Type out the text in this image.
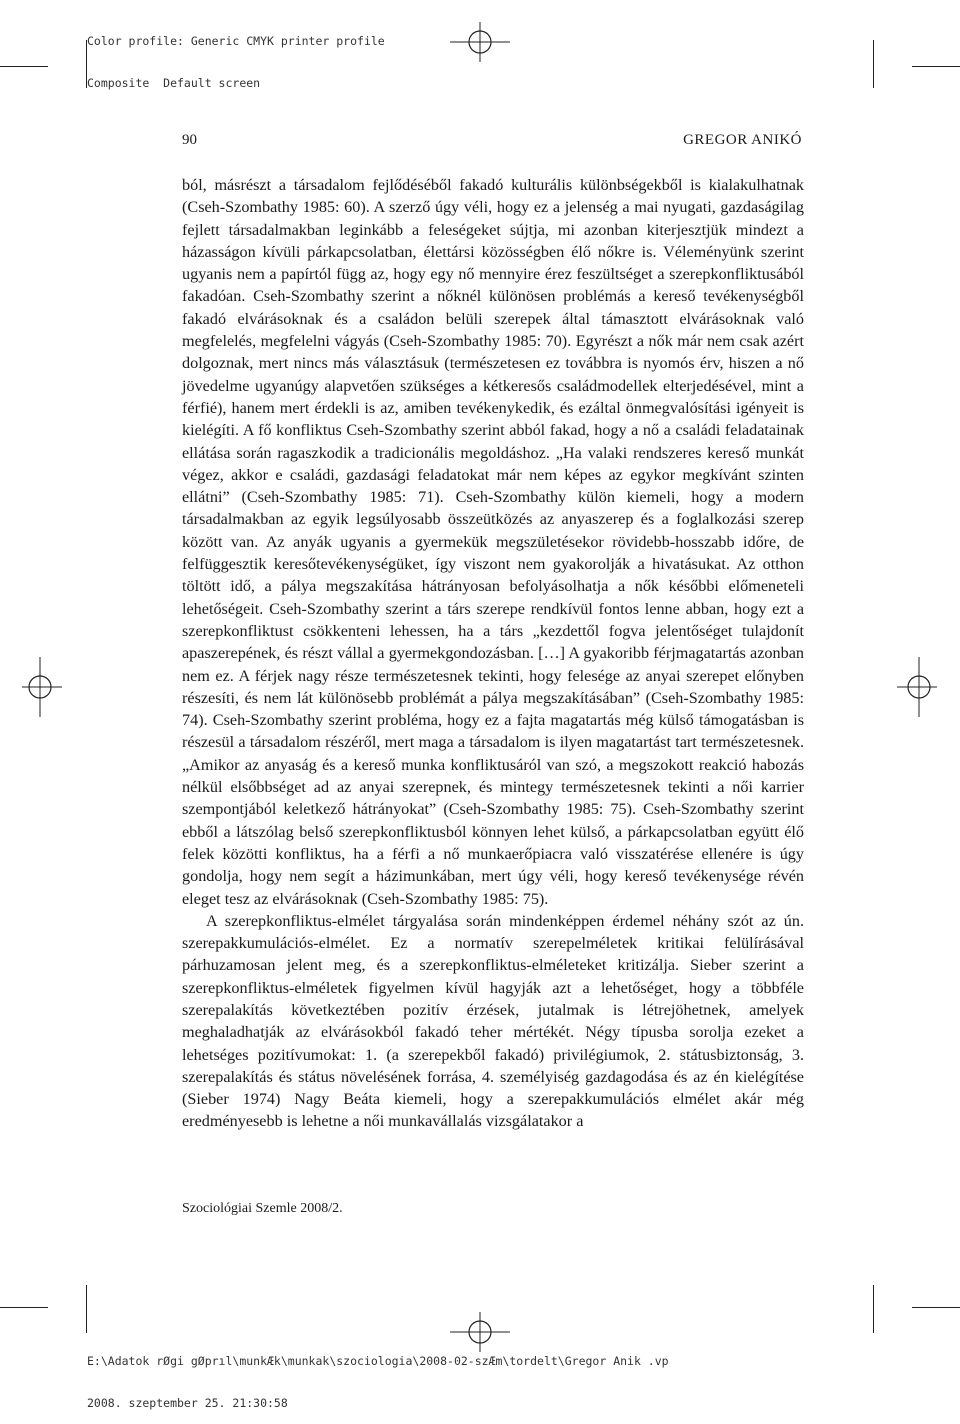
Color profile: Generic CMYK printer profile

Composite  Default screen

90	GREGOR ANIKÓ

ból, másrészt a társadalom fejlődéséből fakadó kulturális különbségekből is kialakulhatnak (Cseh-Szombathy 1985: 60). A szerző úgy véli, hogy ez a jelenség a mai nyugati, gazdaságilag fejlett társadalmakban leginkább a feleségeket sújtja, mi azonban kiterjesztjük mindezt a házasságon kívüli párkapcsolatban, élettársi közösségben élő nőkre is. Véleményünk szerint ugyanis nem a papírtól függ az, hogy egy nő mennyire érez feszültséget a szerepkonfliktusából fakadóan. Cseh-Szombathy szerint a nőknél különösen problémás a kereső tevékenységből fakadó elvárásoknak és a családon belüli szerepek által támasztott elvárásoknak való megfelelés, megfelelni vágyás (Cseh-Szombathy 1985: 70). Egyrészt a nők már nem csak azért dolgoznak, mert nincs más választásuk (természetesen ez továbbra is nyomós érv, hiszen a nő jövedelme ugyanúgy alapvetően szükséges a kétkeresős családmodellek elterjedésével, mint a férfié), hanem mert érdekli is az, amiben tevékenykedik, és ezáltal önmegvalósítási igényeit is kielégíti. A fő konfliktus Cseh-Szombathy szerint abból fakad, hogy a nő a családi feladatainak ellátása során ragaszkodik a tradicionális megoldáshoz. „Ha valaki rendszeres kereső munkát végez, akkor e családi, gazdasági feladatokat már nem képes az egykor megkívánt szinten ellátni” (Cseh-Szombathy 1985: 71). Cseh-Szombathy külön kiemeli, hogy a modern társadalmakban az egyik legsúlyosabb összeütközés az anyaszerep és a foglalkozási szerep között van. Az anyák ugyanis a gyermekük megszületésekor rövidebb-hosszabb időre, de felfüggesztik keresőtevékenységüket, így viszont nem gyakorolják a hivatásukat. Az otthon töltött idő, a pálya megszakítása hátrányosan befolyásolhatja a nők későbbi előmeneteli lehetőségeit. Cseh-Szombathy szerint a társ szerepe rendkívül fontos lenne abban, hogy ezt a szerepkonfliktust csökkenteni lehessen, ha a társ „kezdettől fogva jelentőséget tulajdonít apaszerepének, és részt vállal a gyermekgondozásban. […] A gyakoribb férjmagatartás azonban nem ez. A férjek nagy része természetesnek tekinti, hogy felesége az anyai szerepet előnyben részesíti, és nem lát különösebb problémát a pálya megszakításában” (Cseh-Szombathy 1985: 74). Cseh-Szombathy szerint probléma, hogy ez a fajta magatartás még külső támogatásban is részesül a társadalom részéről, mert maga a társadalom is ilyen magatartást tart természetesnek. „Amikor az anyaság és a kereső munka konfliktusáról van szó, a megszokott reakció habozás nélkül elsőbbséget ad az anyai szerepnek, és mintegy természetesnek tekinti a női karrier szempontjából keletkező hátrányokat” (Cseh-Szombathy 1985: 75). Cseh-Szombathy szerint ebből a látszólag belső szerepkonfliktusból könnyen lehet külső, a párkapcsolatban együtt élő felek közötti konfliktus, ha a férfi a nő munkaerőpiacra való visszatérése ellenére is úgy gondolja, hogy nem segít a házimunkában, mert úgy véli, hogy kereső tevékenysége révén eleget tesz az elvárásoknak (Cseh-Szombathy 1985: 75).

A szerepkonfliktus-elmélet tárgyalása során mindenképpen érdemel néhány szót az ún. szerepakkumulációs-elmélet. Ez a normatív szerepelméletek kritikai felülírásával párhuzamosan jelent meg, és a szerepkonfliktus-elméleteket kritizálja. Sieber szerint a szerepkonfliktus-elméletek figyelmen kívül hagyják azt a lehetőséget, hogy a többféle szerepalakítás következtében pozitív érzések, jutalmak is létrejöhetnek, amelyek meghaladhatják az elvárásokból fakadó teher mértékét. Négy típusba sorolja ezeket a lehetséges pozitívumokat: 1. (a szerepekből fakadó) privilégiumok, 2. státusbiztonság, 3. szerepalakítás és státus növelésének forrása, 4. személyiség gazdagodása és az én kielégítése (Sieber 1974) Nagy Beáta kiemeli, hogy a szerepakkumulációs elmélet akár még eredményesebb is lehetne a női munkavállalás vizsgálatakor a

Szociológiai Szemle 2008/2.

E:\Adatok rØgi gØprıl\munkÆk\munkak\szociologia\2008-02-szÆm\tordelt\Gregor Anik .vp

2008. szeptember 25. 21:30:58
